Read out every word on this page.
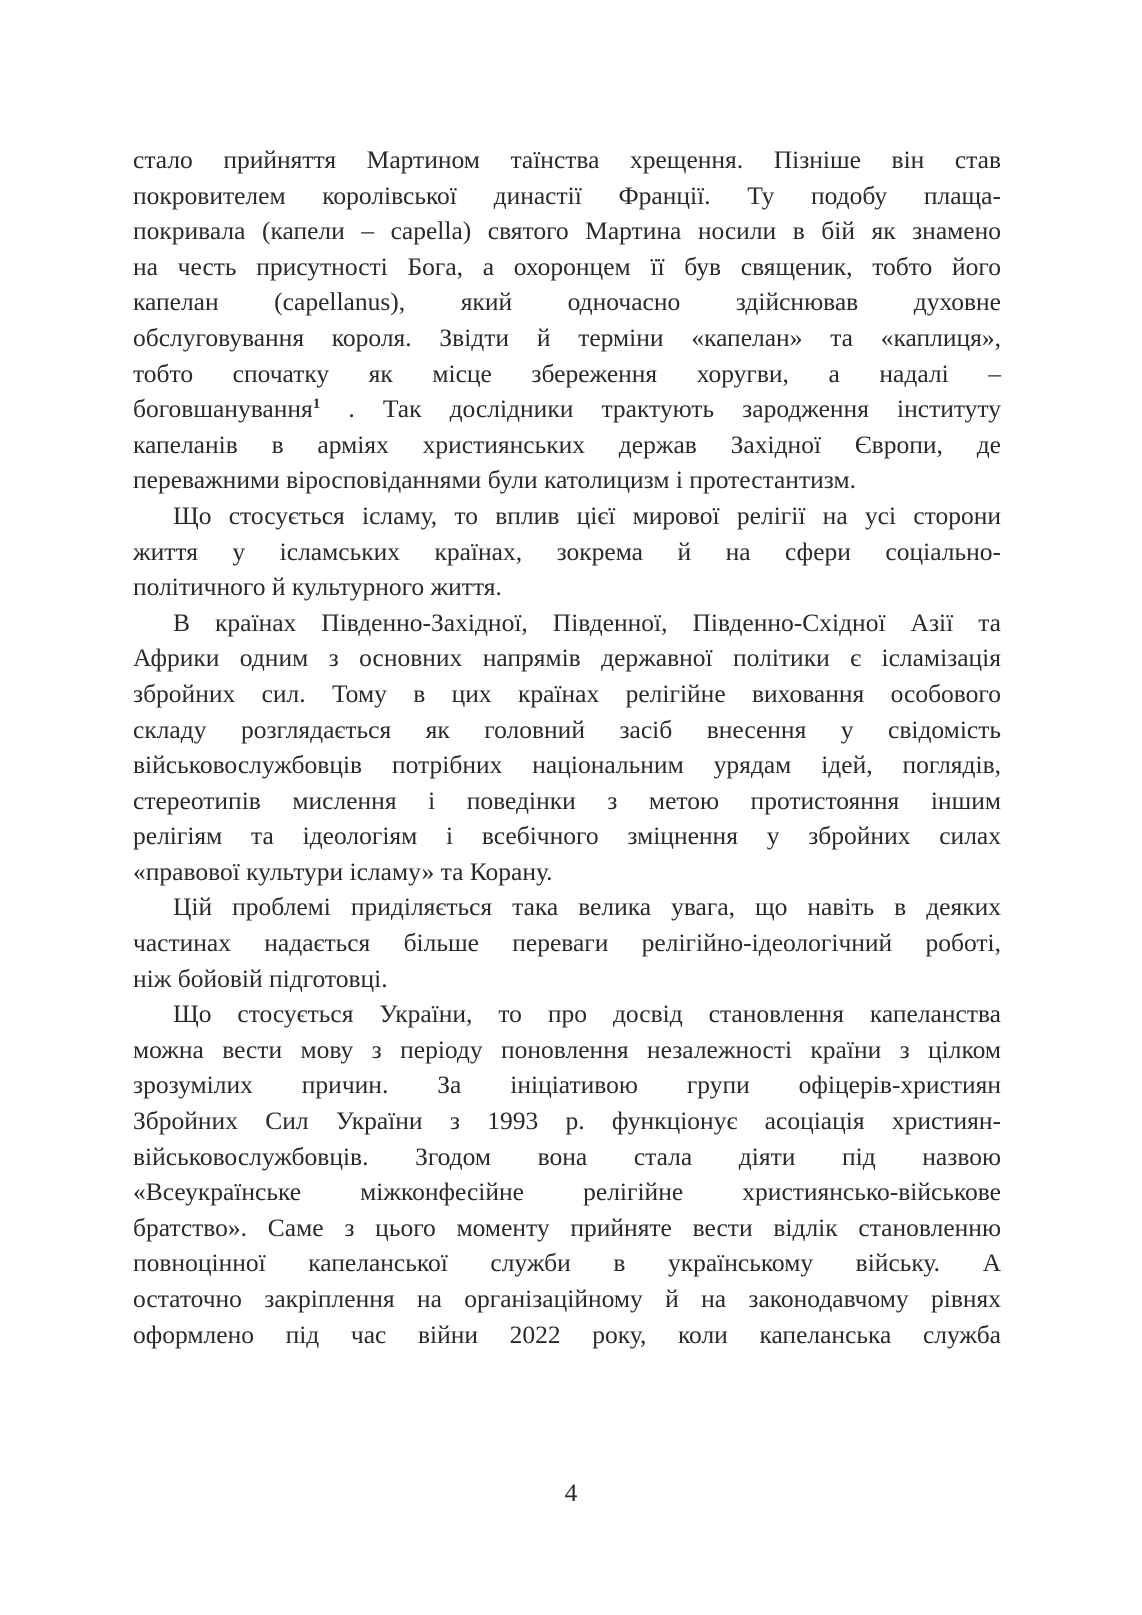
стало прийняття Мартином таїнства хрещення. Пізніше він став
покровителем королівської династії Франції. Ту подобу плаща-
покривала (капели – capella) святого Мартина носили в бій як знамено
на честь присутності Бога, а охоронцем її був священик, тобто його
капелан (capellanus), який одночасно здійснював духовне
обслуговування короля. Звідти й терміни «капелан» та «каплиця»,
тобто спочатку як місце збереження хоругви, а надалі –
боговшанування$^1$ . Так дослідники трактують зародження інституту
капеланів в арміях християнських держав Західної Європи, де
переважними віросповіданнями були католицизм і протестантизм.
Що стосується ісламу, то вплив цієї мирової релігії на усі сторони
життя у ісламських країнах, зокрема й на сфери соціально-
політичного й культурного життя.
В країнах Південно-Західної, Південної, Південно-Східної Азії та
Африки одним з основних напрямів державної політики є ісламізація
збройних сил. Тому в цих країнах релігійне виховання особового
складу розглядається як головний засіб внесення у свідомість
військовослужбовців потрібних національним урядам ідей, поглядів,
стереотипів мислення і поведінки з метою протистояння іншим
релігіям та ідеологіям і всебічного зміцнення у збройних силах
«правової культури ісламу» та Корану.
Цій проблемі приділяється така велика увага, що навіть в деяких
частинах надається більше переваги релігійно-ідеологічний роботі,
ніж бойовій підготовці.
Що стосується України, то про досвід становлення капеланства
можна вести мову з періоду поновлення незалежності країни з цілком
зрозумілих причин. За ініціативою групи офіцерів-християн
Збройних Сил України з 1993 р. функціонує асоціація християн-
військовослужбовців. Згодом вона стала діяти під назвою
«Всеукраїнське міжконфесійне релігійне християнсько-військове
братство». Саме з цього моменту прийняте вести відлік становленню
повноцінної капеланської служби в українському війську. А
остаточно закріплення на організаційному й на законодавчому рівнях
оформлено під час війни 2022 року, коли капеланська служба
4
